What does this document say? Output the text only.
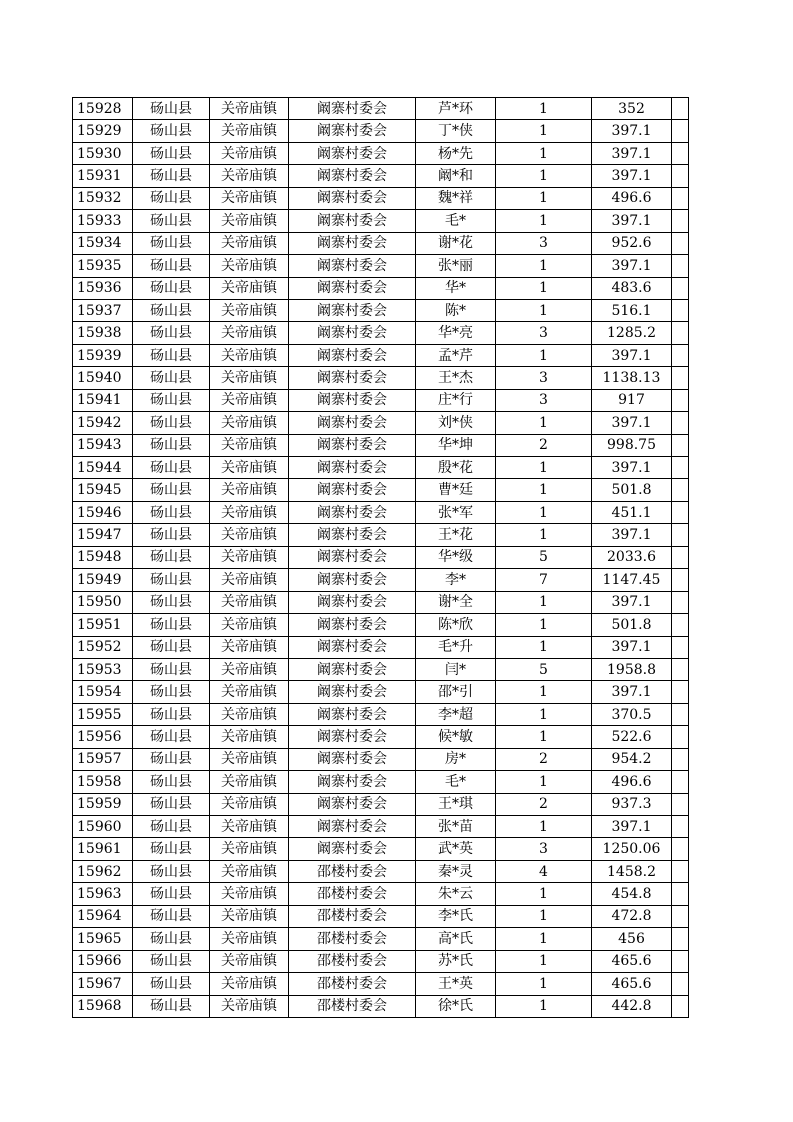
15928	砀山县	关帝庙镇	阚寨村委会	芦*环	1	352	
15929	砀山县	关帝庙镇	阚寨村委会	丁*侠	1	397.1	
15930	砀山县	关帝庙镇	阚寨村委会	杨*先	1	397.1	
15931	砀山县	关帝庙镇	阚寨村委会	阚*和	1	397.1	
15932	砀山县	关帝庙镇	阚寨村委会	魏*祥	1	496.6	
15933	砀山县	关帝庙镇	阚寨村委会	毛*	1	397.1	
15934	砀山县	关帝庙镇	阚寨村委会	谢*花	3	952.6	
15935	砀山县	关帝庙镇	阚寨村委会	张*丽	1	397.1	
15936	砀山县	关帝庙镇	阚寨村委会	华*	1	483.6	
15937	砀山县	关帝庙镇	阚寨村委会	陈*	1	516.1	
15938	砀山县	关帝庙镇	阚寨村委会	华*亮	3	1285.2	
15939	砀山县	关帝庙镇	阚寨村委会	孟*芹	1	397.1	
15940	砀山县	关帝庙镇	阚寨村委会	王*杰	3	1138.13	
15941	砀山县	关帝庙镇	阚寨村委会	庄*行	3	917	
15942	砀山县	关帝庙镇	阚寨村委会	刘*侠	1	397.1	
15943	砀山县	关帝庙镇	阚寨村委会	华*坤	2	998.75	
15944	砀山县	关帝庙镇	阚寨村委会	殷*花	1	397.1	
15945	砀山县	关帝庙镇	阚寨村委会	曹*廷	1	501.8	
15946	砀山县	关帝庙镇	阚寨村委会	张*军	1	451.1	
15947	砀山县	关帝庙镇	阚寨村委会	王*花	1	397.1	
15948	砀山县	关帝庙镇	阚寨村委会	华*级	5	2033.6	
15949	砀山县	关帝庙镇	阚寨村委会	李*	7	1147.45	
15950	砀山县	关帝庙镇	阚寨村委会	谢*全	1	397.1	
15951	砀山县	关帝庙镇	阚寨村委会	陈*欣	1	501.8	
15952	砀山县	关帝庙镇	阚寨村委会	毛*升	1	397.1	
15953	砀山县	关帝庙镇	阚寨村委会	闫*	5	1958.8	
15954	砀山县	关帝庙镇	阚寨村委会	邵*引	1	397.1	
15955	砀山县	关帝庙镇	阚寨村委会	李*超	1	370.5	
15956	砀山县	关帝庙镇	阚寨村委会	候*敏	1	522.6	
15957	砀山县	关帝庙镇	阚寨村委会	房*	2	954.2	
15958	砀山县	关帝庙镇	阚寨村委会	毛*	1	496.6	
15959	砀山县	关帝庙镇	阚寨村委会	王*琪	2	937.3	
15960	砀山县	关帝庙镇	阚寨村委会	张*苗	1	397.1	
15961	砀山县	关帝庙镇	阚寨村委会	武*英	3	1250.06	
15962	砀山县	关帝庙镇	邵楼村委会	秦*灵	4	1458.2	
15963	砀山县	关帝庙镇	邵楼村委会	朱*云	1	454.8	
15964	砀山县	关帝庙镇	邵楼村委会	李*氏	1	472.8	
15965	砀山县	关帝庙镇	邵楼村委会	高*氏	1	456	
15966	砀山县	关帝庙镇	邵楼村委会	苏*氏	1	465.6	
15967	砀山县	关帝庙镇	邵楼村委会	王*英	1	465.6	
15968	砀山县	关帝庙镇	邵楼村委会	徐*氏	1	442.8	
